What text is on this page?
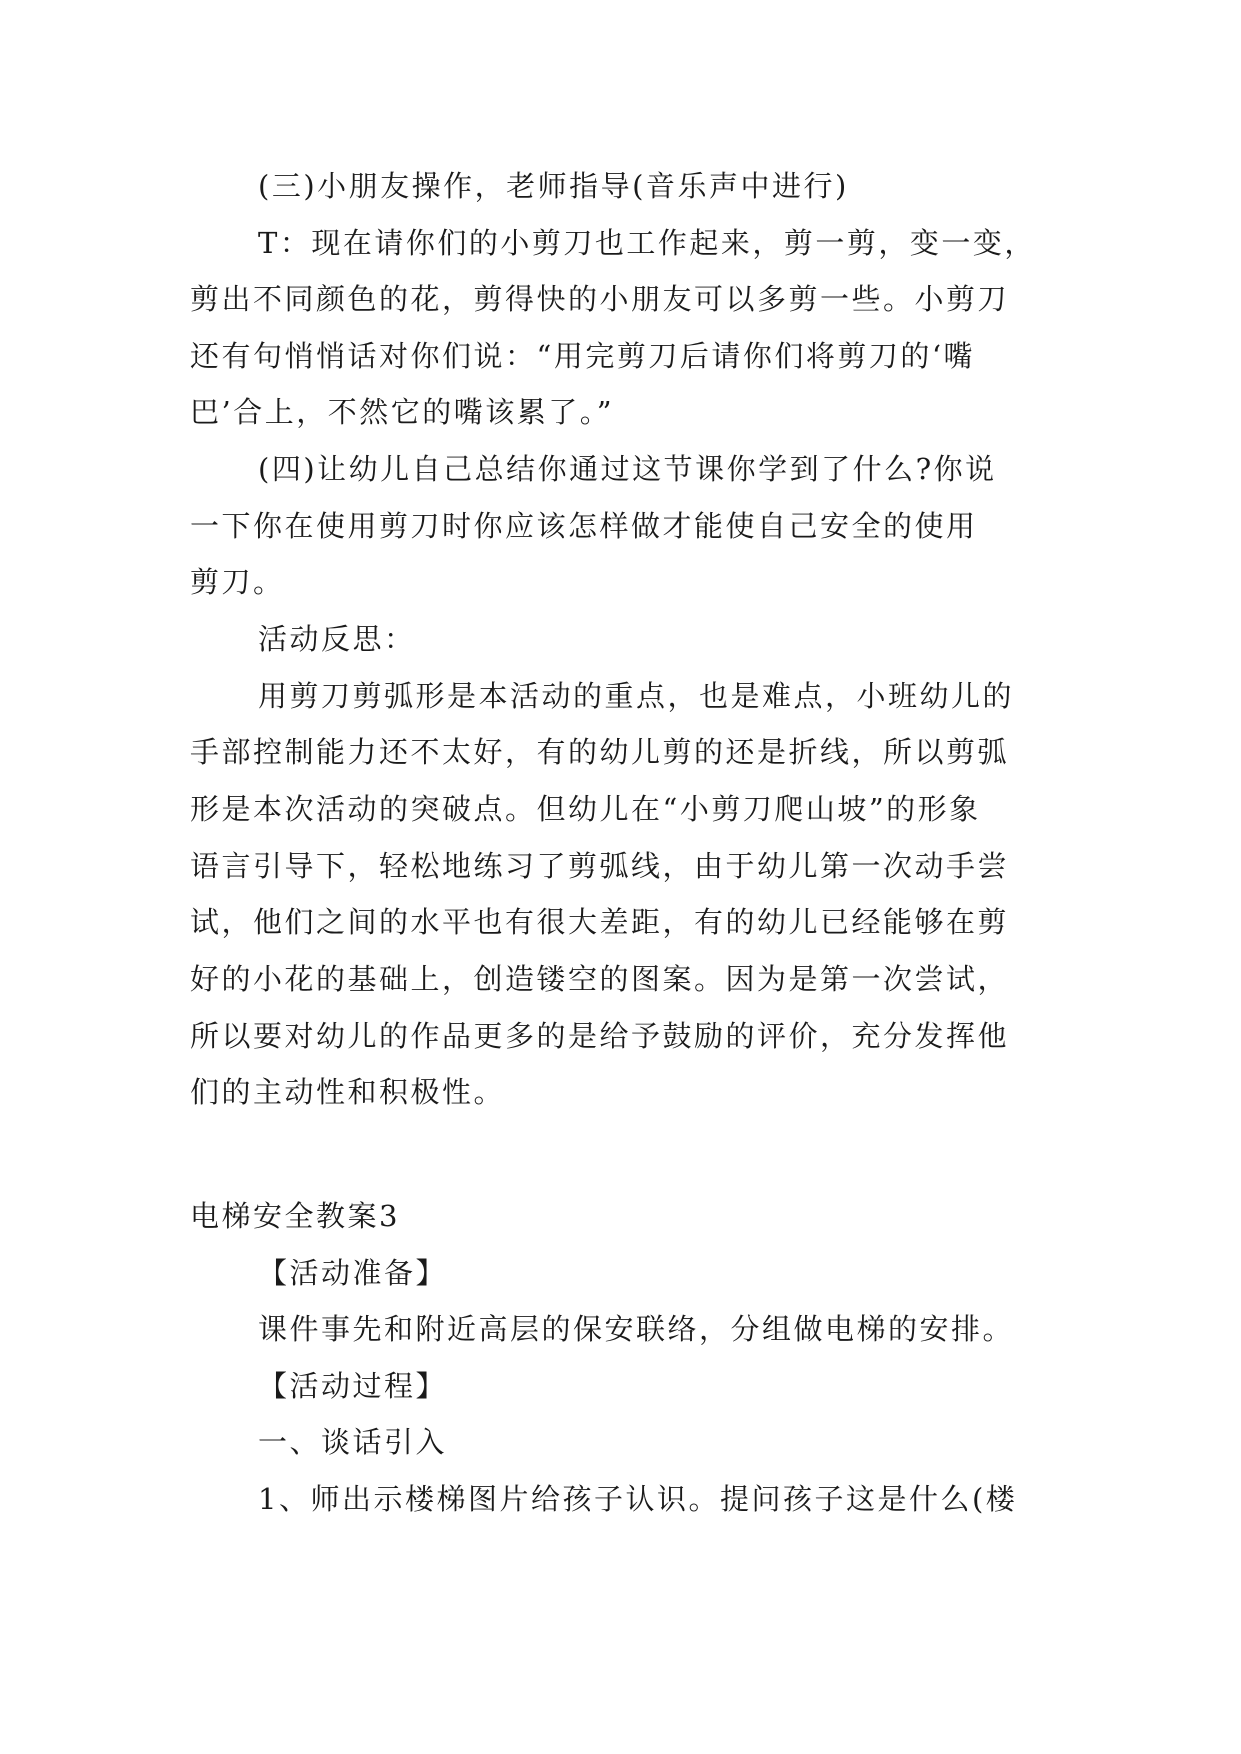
(三)小朋友操作，老师指导(音乐声中进行)

T：现在请你们的小剪刀也工作起来，剪一剪，变一变，

剪出不同颜色的花，剪得快的小朋友可以多剪一些。小剪刀

还有句悄悄话对你们说：“用完剪刀后请你们将剪刀的‘嘴

巴’合上，不然它的嘴该累了。”

(四)让幼儿自己总结你通过这节课你学到了什么?你说

一下你在使用剪刀时你应该怎样做才能使自己安全的使用

剪刀。

活动反思：

用剪刀剪弧形是本活动的重点，也是难点，小班幼儿的

手部控制能力还不太好，有的幼儿剪的还是折线，所以剪弧

形是本次活动的突破点。但幼儿在“小剪刀爬山坡”的形象

语言引导下，轻松地练习了剪弧线，由于幼儿第一次动手尝

试，他们之间的水平也有很大差距，有的幼儿已经能够在剪

好的小花的基础上，创造镂空的图案。因为是第一次尝试，

所以要对幼儿的作品更多的是给予鼓励的评价，充分发挥他

们的主动性和积极性。

电梯安全教案3

【活动准备】

课件事先和附近高层的保安联络，分组做电梯的安排。

【活动过程】

一、谈话引入

1、师出示楼梯图片给孩子认识。提问孩子这是什么(楼
